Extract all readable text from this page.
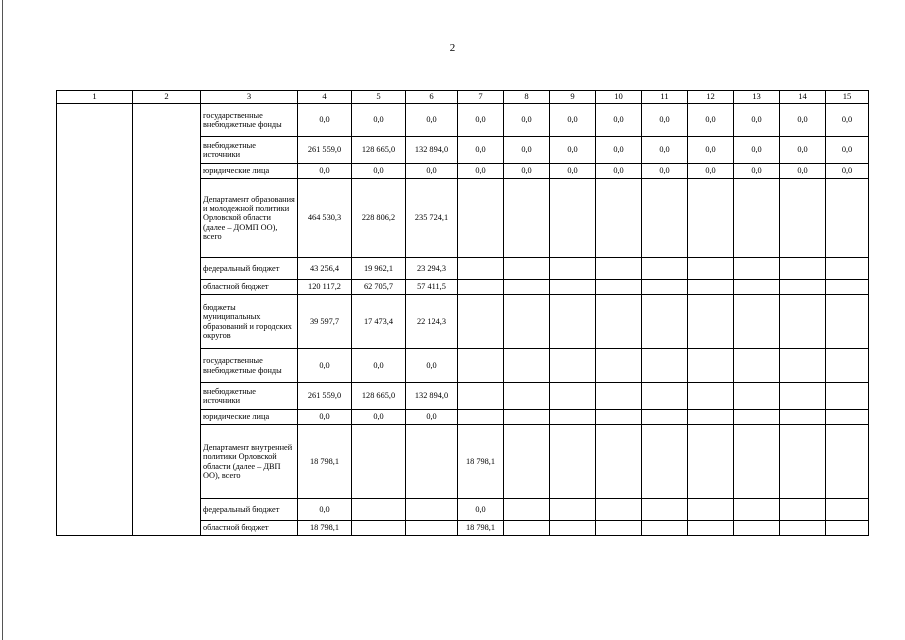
2
1	2	3	4	5	6	7	8	9	10	11	12	13	14	15
		государственные внебюджетные фонды	0,0	0,0	0,0	0,0	0,0	0,0	0,0	0,0	0,0	0,0	0,0	0,0
		внебюджетные источники	261 559,0	128 665,0	132 894,0	0,0	0,0	0,0	0,0	0,0	0,0	0,0	0,0	0,0
		юридические лица	0,0	0,0	0,0	0,0	0,0	0,0	0,0	0,0	0,0	0,0	0,0	0,0
		Департамент образования и молодежной политики Орловской области (далее – ДОМП ОО), всего	464 530,3	228 806,2	235 724,1									
		федеральный бюджет	43 256,4	19 962,1	23 294,3									
		областной бюджет	120 117,2	62 705,7	57 411,5									
		бюджеты муниципальных образований и городских округов	39 597,7	17 473,4	22 124,3									
		государственные внебюджетные фонды	0,0	0,0	0,0									
		внебюджетные источники	261 559,0	128 665,0	132 894,0									
		юридические лица	0,0	0,0	0,0									
		Департамент внутренней политики Орловской области (далее – ДВП ОО), всего	18 798,1			18 798,1								
		федеральный бюджет	0,0			0,0								
		областной бюджет	18 798,1			18 798,1								
